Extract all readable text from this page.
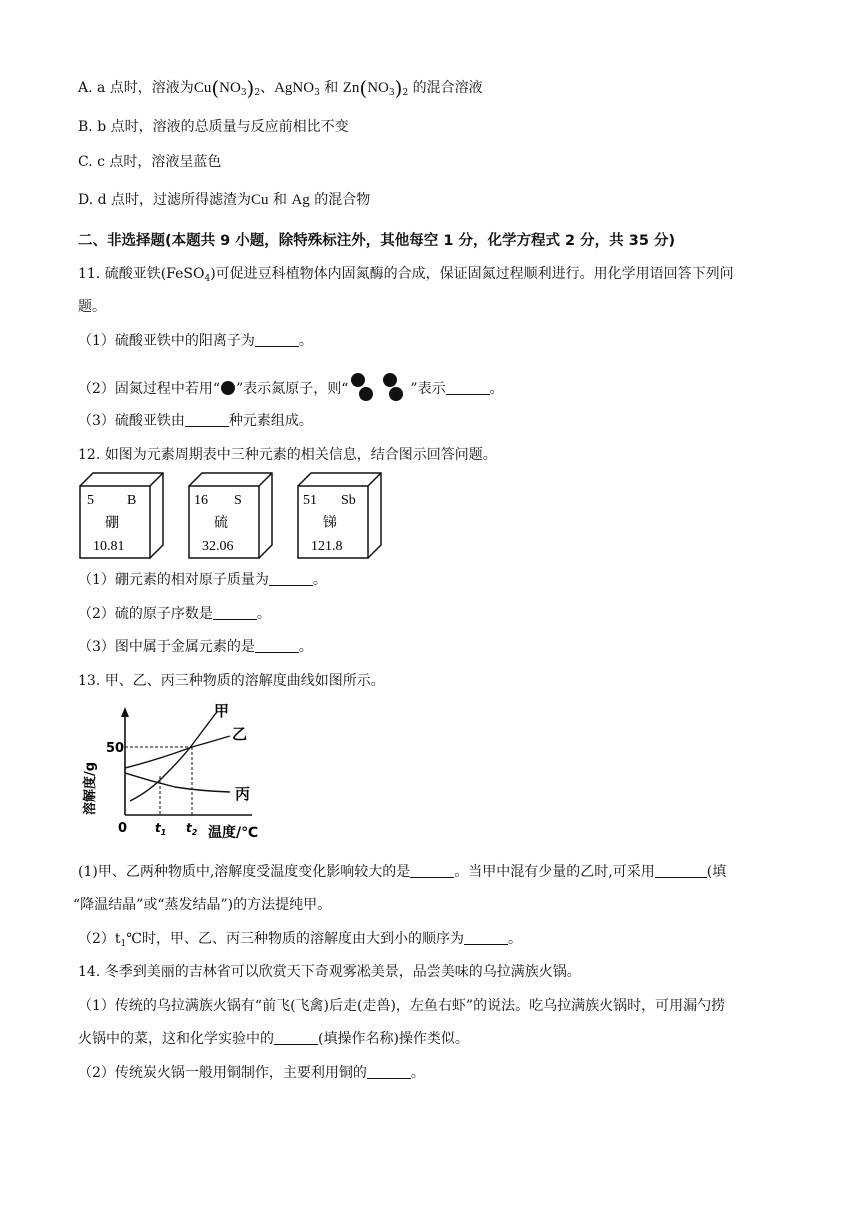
A. a 点时，溶液为$Cu(NO_3)_2$、AgNO$_3$ 和 $Zn(NO_3)_2$ 的混合溶液
B. b 点时，溶液的总质量与反应前相比不变
C. c 点时，溶液呈蓝色
D. d 点时，过滤所得滤渣为Cu 和 Ag 的混合物
二、非选择题(本题共 9 小题，除特殊标注外，其他每空 1 分，化学方程式 2 分，共 35 分)
11. 硫酸亚铁(FeSO$_4$)可促进豆科植物体内固氮酶的合成，保证固氮过程顺利进行。用化学用语回答下列问
题。
（1）硫酸亚铁中的阳离子为	。
（2）固氮过程中若用“ ”表示氮原子，则“	”表示	。
（3）硫酸亚铁由	种元素组成。
12. 如图为元素周期表中三种元素的相关信息，结合图示回答问题。
5 B
硼
10.81
16 S
硫
32.06
51 Sb
锑
121.8
（1）硼元素的相对原子质量为	。
（2）硫的原子序数是	。
（3）图中属于金属元素的是	。
13. 甲、乙、丙三种物质的溶解度曲线如图所示。
溶解度/g
50
甲
乙
丙
0 $t_1$ $t_2$ 温度/℃
(1)甲、乙两种物质中,溶解度受温度变化影响较大的是	。当甲中混有少量的乙时,可采用	(填
“降温结晶”或“蒸发结晶”)的方法提纯甲。
$(2)t_1℃$时，甲、乙、丙三种物质的溶解度由大到小的顺序为	。
14. 冬季到美丽的吉林省可以欣赏天下奇观雾凇美景，品尝美味的乌拉满族火锅。
（1）传统的乌拉满族火锅有“前飞(飞禽)后走(走兽)，左鱼右虾”的说法。吃乌拉满族火锅时，可用漏勺捞
火锅中的菜，这和化学实验中的	(填操作名称)操作类似。
（2）传统炭火锅一般用铜制作，主要利用铜的	。
